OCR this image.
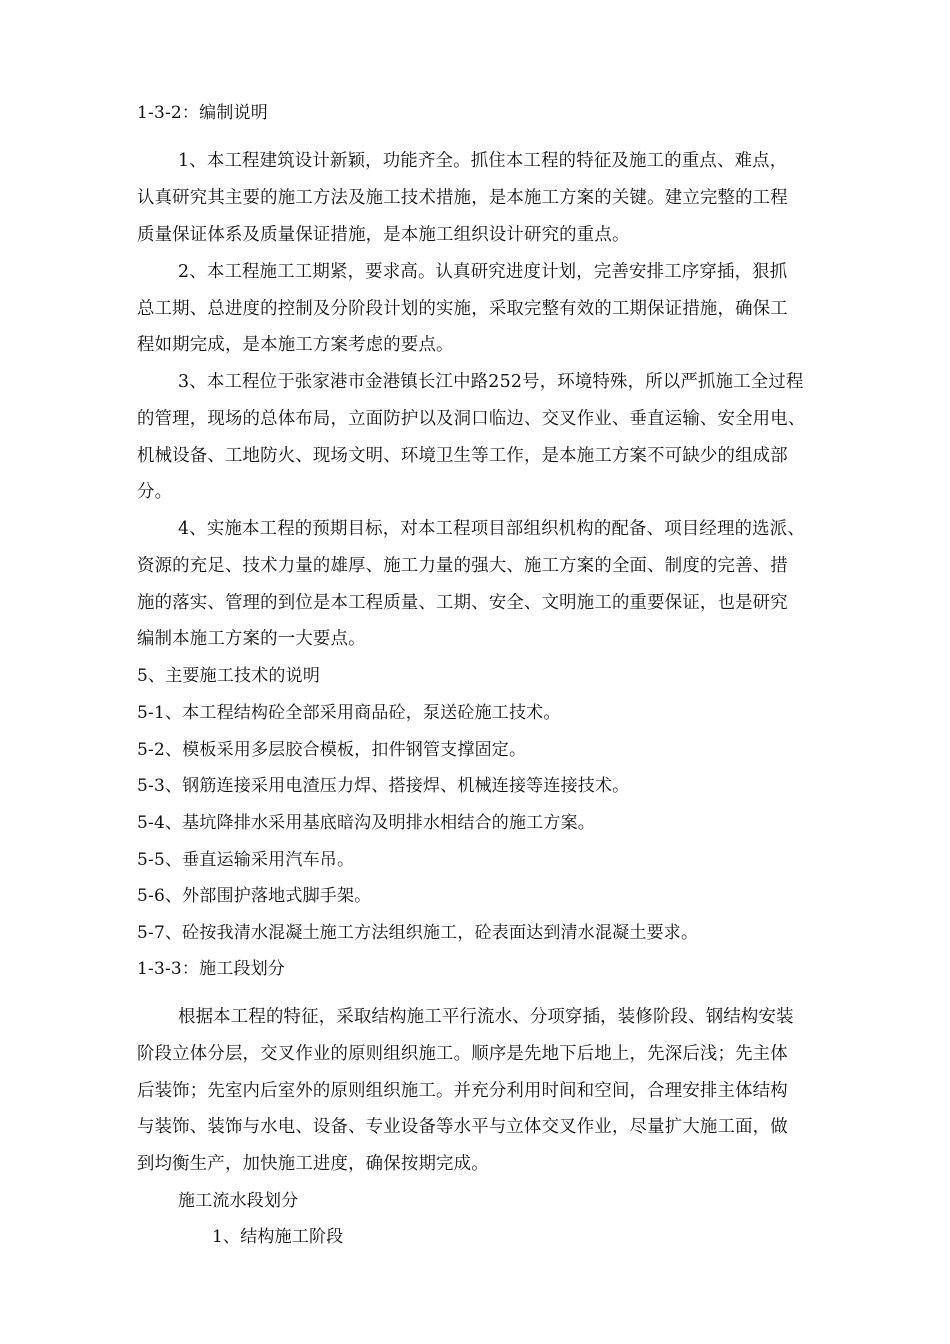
1-3-2：编制说明
1、本工程建筑设计新颖，功能齐全。抓住本工程的特征及施工的重点、难点，
认真研究其主要的施工方法及施工技术措施，是本施工方案的关键。建立完整的工程
质量保证体系及质量保证措施，是本施工组织设计研究的重点。
2、本工程施工工期紧，要求高。认真研究进度计划，完善安排工序穿插，狠抓
总工期、总进度的控制及分阶段计划的实施，采取完整有效的工期保证措施，确保工
程如期完成，是本施工方案考虑的要点。
3、本工程位于张家港市金港镇长江中路252号，环境特殊，所以严抓施工全过程
的管理，现场的总体布局，立面防护以及洞口临边、交叉作业、垂直运输、安全用电、
机械设备、工地防火、现场文明、环境卫生等工作，是本施工方案不可缺少的组成部
分。
4、实施本工程的预期目标，对本工程项目部组织机构的配备、项目经理的选派、
资源的充足、技术力量的雄厚、施工力量的强大、施工方案的全面、制度的完善、措
施的落实、管理的到位是本工程质量、工期、安全、文明施工的重要保证，也是研究
编制本施工方案的一大要点。
5、主要施工技术的说明
5-1、本工程结构砼全部采用商品砼，泵送砼施工技术。
5-2、模板采用多层胶合模板，扣件钢管支撑固定。
5-3、钢筋连接采用电渣压力焊、搭接焊、机械连接等连接技术。
5-4、基坑降排水采用基底暗沟及明排水相结合的施工方案。
5-5、垂直运输采用汽车吊。
5-6、外部围护落地式脚手架。
5-7、砼按我清水混凝土施工方法组织施工，砼表面达到清水混凝土要求。
1-3-3：施工段划分
根据本工程的特征，采取结构施工平行流水、分项穿插，装修阶段、钢结构安装
阶段立体分层，交叉作业的原则组织施工。顺序是先地下后地上，先深后浅；先主体
后装饰；先室内后室外的原则组织施工。并充分利用时间和空间，合理安排主体结构
与装饰、装饰与水电、设备、专业设备等水平与立体交叉作业，尽量扩大施工面，做
到均衡生产，加快施工进度，确保按期完成。
施工流水段划分
1、结构施工阶段
